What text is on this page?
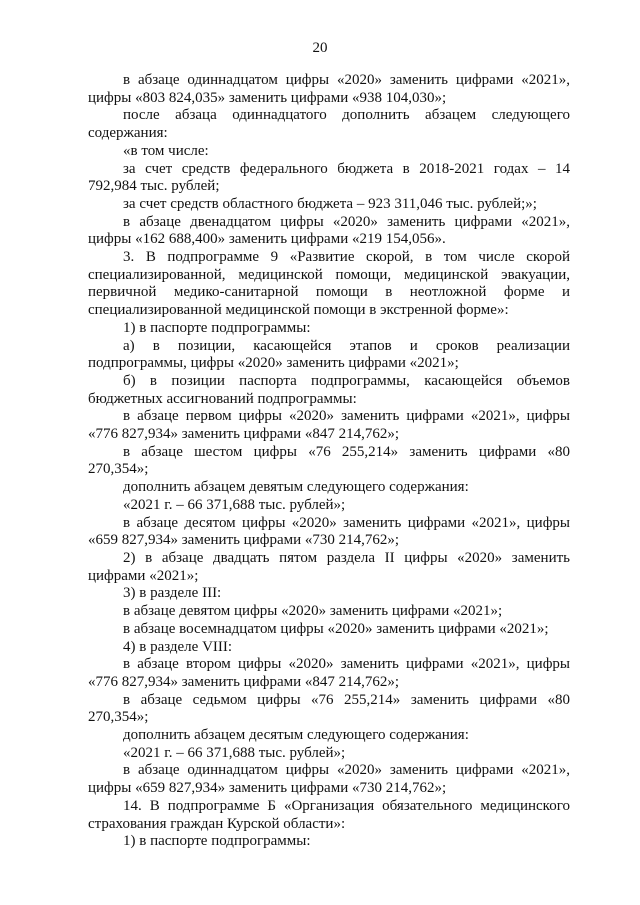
20

в абзаце одиннадцатом цифры «2020» заменить цифрами «2021», цифры «803 824,035» заменить цифрами «938 104,030»;

после абзаца одиннадцатого дополнить абзацем следующего содержания:

«в том числе:

за счет средств федерального бюджета в 2018-2021 годах – 14 792,984 тыс. рублей;

за счет средств областного бюджета – 923 311,046 тыс. рублей;»;

в абзаце двенадцатом цифры «2020» заменить цифрами «2021», цифры «162 688,400» заменить цифрами «219 154,056».

3. В подпрограмме 9 «Развитие скорой, в том числе скорой специализированной, медицинской помощи, медицинской эвакуации, первичной медико-санитарной помощи в неотложной форме и специализированной медицинской помощи в экстренной форме»:

1) в паспорте подпрограммы:

а) в позиции, касающейся этапов и сроков реализации подпрограммы, цифры «2020» заменить цифрами «2021»;

б) в позиции паспорта подпрограммы, касающейся объемов бюджетных ассигнований подпрограммы:

в абзаце первом цифры «2020» заменить цифрами «2021», цифры «776 827,934» заменить цифрами «847 214,762»;

в абзаце шестом цифры «76 255,214» заменить цифрами «80 270,354»;

дополнить абзацем девятым следующего содержания:

«2021 г. – 66 371,688 тыс. рублей»;

в абзаце десятом цифры «2020» заменить цифрами «2021», цифры «659 827,934» заменить цифрами «730 214,762»;

2) в абзаце двадцать пятом раздела II цифры «2020» заменить цифрами «2021»;

3) в разделе III:

в абзаце девятом цифры «2020» заменить цифрами «2021»;

в абзаце восемнадцатом цифры «2020» заменить цифрами «2021»;

4) в разделе VIII:

в абзаце втором цифры «2020» заменить цифрами «2021», цифры «776 827,934» заменить цифрами «847 214,762»;

в абзаце седьмом цифры «76 255,214» заменить цифрами «80 270,354»;

дополнить абзацем десятым следующего содержания:

«2021 г. – 66 371,688 тыс. рублей»;

в абзаце одиннадцатом цифры «2020» заменить цифрами «2021», цифры «659 827,934» заменить цифрами «730 214,762»;

14. В подпрограмме Б «Организация обязательного медицинского страхования граждан Курской области»:

1) в паспорте подпрограммы:
